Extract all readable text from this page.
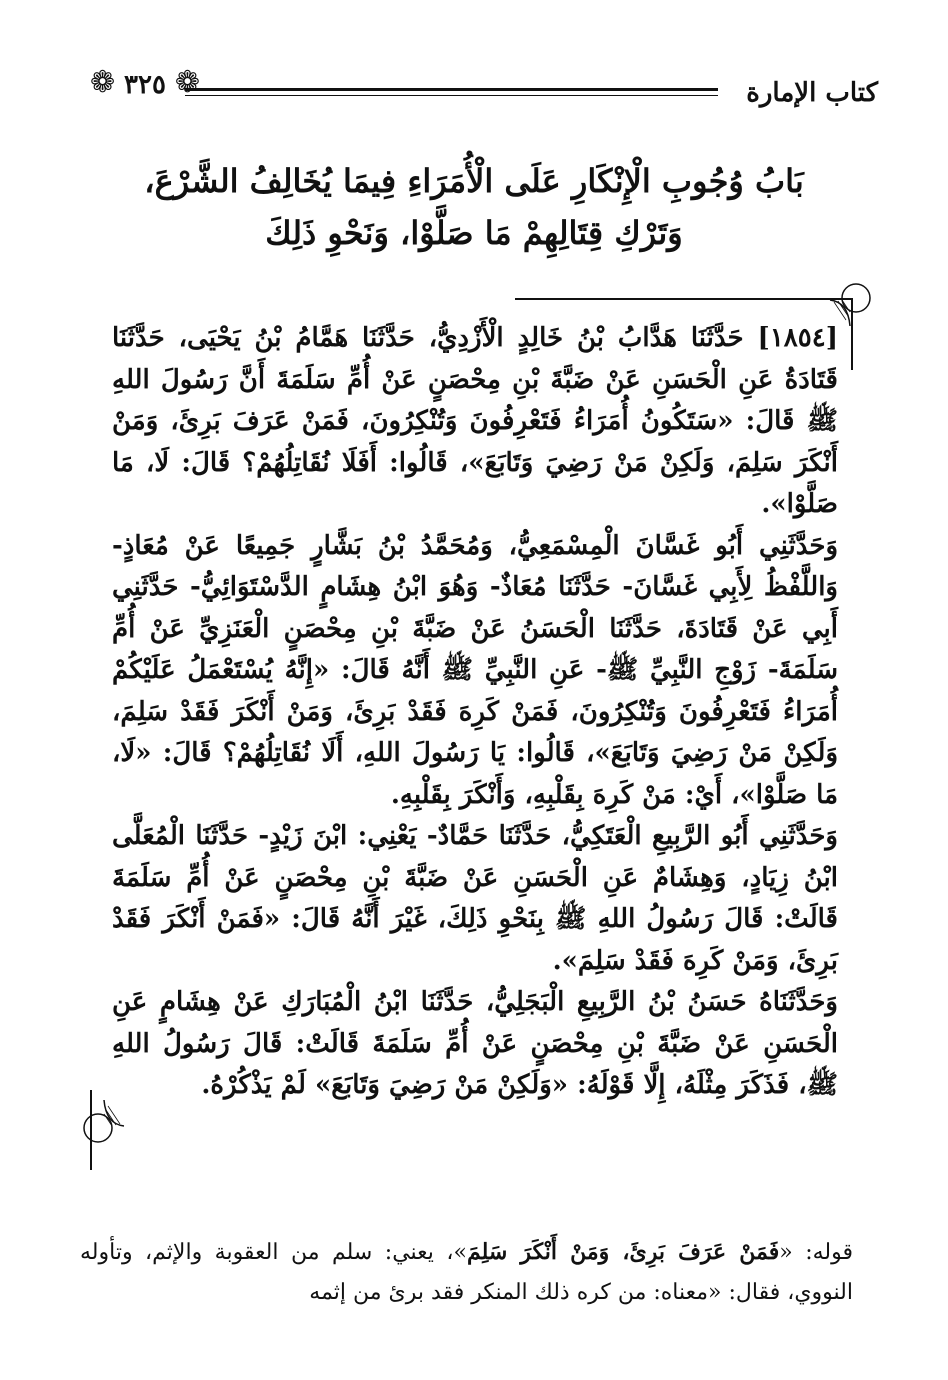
كتاب الإمارة
❁ ٣٢٥ ❁
بَابُ وُجُوبِ الْإِنْكَارِ عَلَى الْأُمَرَاءِ فِيمَا يُخَالِفُ الشَّرْعَ،
وَتَرْكِ قِتَالِهِمْ مَا صَلَّوْا، وَنَحْوِ ذَلِكَ

[١٨٥٤] حَدَّثَنَا هَدَّابُ بْنُ خَالِدٍ الْأَزْدِيُّ، حَدَّثَنَا هَمَّامُ بْنُ يَحْيَى، حَدَّثَنَا قَتَادَةُ عَنِ الْحَسَنِ عَنْ ضَبَّةَ بْنِ مِحْصَنٍ عَنْ أُمِّ سَلَمَةَ أَنَّ رَسُولَ اللهِ ﷺ قَالَ: «سَتَكُونُ أُمَرَاءُ فَتَعْرِفُونَ وَتُنْكِرُونَ، فَمَنْ عَرَفَ بَرِئَ، وَمَنْ أَنْكَرَ سَلِمَ، وَلَكِنْ مَنْ رَضِيَ وَتَابَعَ»، قَالُوا: أَفَلَا نُقَاتِلُهُمْ؟ قَالَ: لَا، مَا صَلَّوْا».

وَحَدَّثَنِي أَبُو غَسَّانَ الْمِسْمَعِيُّ، وَمُحَمَّدُ بْنُ بَشَّارٍ جَمِيعًا عَنْ مُعَاذٍ- وَاللَّفْظُ لِأَبِي غَسَّانَ- حَدَّثَنَا مُعَاذٌ- وَهُوَ ابْنُ هِشَامٍ الدَّسْتَوَائِيُّ- حَدَّثَنِي أَبِي عَنْ قَتَادَةَ، حَدَّثَنَا الْحَسَنُ عَنْ ضَبَّةَ بْنِ مِحْصَنٍ الْعَنَزِيِّ عَنْ أُمِّ سَلَمَةَ- زَوْجِ النَّبِيِّ ﷺ- عَنِ النَّبِيِّ ﷺ أَنَّهُ قَالَ: «إِنَّهُ يُسْتَعْمَلُ عَلَيْكُمْ أُمَرَاءُ فَتَعْرِفُونَ وَتُنْكِرُونَ، فَمَنْ كَرِهَ فَقَدْ بَرِئَ، وَمَنْ أَنْكَرَ فَقَدْ سَلِمَ، وَلَكِنْ مَنْ رَضِيَ وَتَابَعَ»، قَالُوا: يَا رَسُولَ اللهِ، أَلَا نُقَاتِلُهُمْ؟ قَالَ: «لَا، مَا صَلَّوْا»، أَيْ: مَنْ كَرِهَ بِقَلْبِهِ، وَأَنْكَرَ بِقَلْبِهِ.

وَحَدَّثَنِي أَبُو الرَّبِيعِ الْعَتَكِيُّ، حَدَّثَنَا حَمَّادٌ- يَعْنِي: ابْنَ زَيْدٍ- حَدَّثَنَا الْمُعَلَّى ابْنُ زِيَادٍ، وَهِشَامٌ عَنِ الْحَسَنِ عَنْ ضَبَّةَ بْنِ مِحْصَنٍ عَنْ أُمِّ سَلَمَةَ قَالَتْ: قَالَ رَسُولُ اللهِ ﷺ بِنَحْوِ ذَلِكَ، غَيْرَ أَنَّهُ قَالَ: «فَمَنْ أَنْكَرَ فَقَدْ بَرِئَ، وَمَنْ كَرِهَ فَقَدْ سَلِمَ».

وَحَدَّثَنَاهُ حَسَنُ بْنُ الرَّبِيعِ الْبَجَلِيُّ، حَدَّثَنَا ابْنُ الْمُبَارَكِ عَنْ هِشَامٍ عَنِ الْحَسَنِ عَنْ ضَبَّةَ بْنِ مِحْصَنٍ عَنْ أُمِّ سَلَمَةَ قَالَتْ: قَالَ رَسُولُ اللهِ ﷺ، فَذَكَرَ مِثْلَهُ، إِلَّا قَوْلَهُ: «وَلَكِنْ مَنْ رَضِيَ وَتَابَعَ» لَمْ يَذْكُرْهُ.

قوله: «فَمَنْ عَرَفَ بَرِئَ، وَمَنْ أَنْكَرَ سَلِمَ»، يعني: سلم من العقوبة والإثم، وتأوله النووي، فقال: «معناه: من كره ذلك المنكر فقد برئ من إثمه
